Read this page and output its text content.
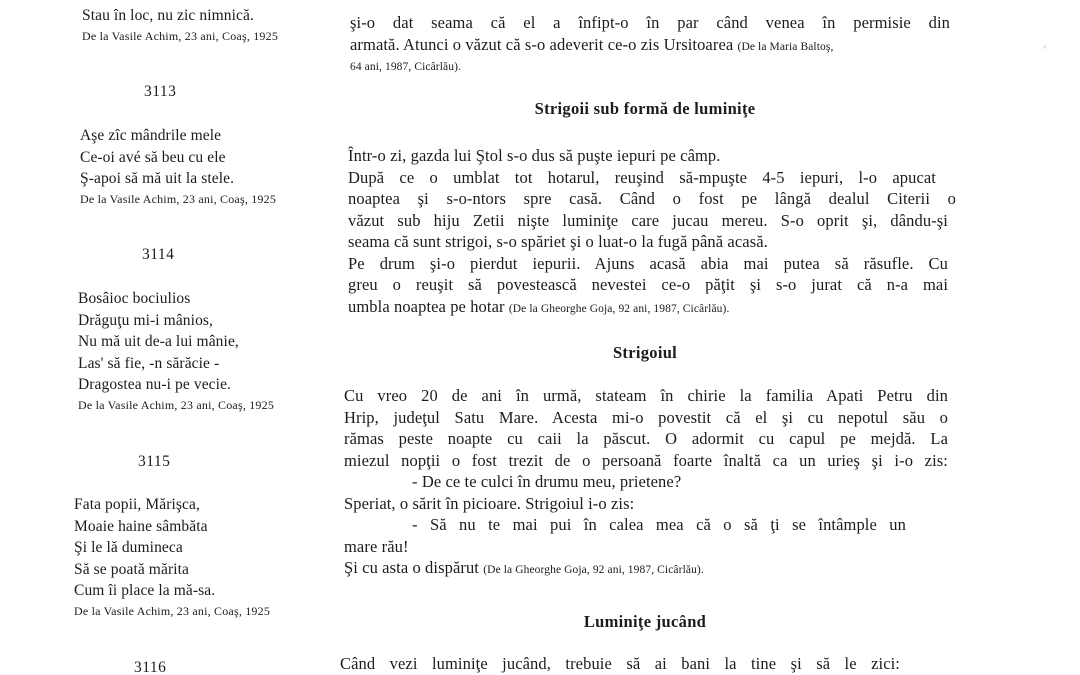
Stau în loc, nu zic nimnică.
De la Vasile Achim, 23 ani, Coaş, 1925
3113
Aşe zîc mândrile mele
Ce-oi avé să beu cu ele
Ş-apoi să mă uit la stele.
De la Vasile Achim, 23 ani, Coaş, 1925
3114
Bosâioc bociulios
Drăguţu mi-i mânios,
Nu mă uit de-a lui mânie,
Las' să fie, -n sărăcie -
Dragostea nu-i pe vecie.
De la Vasile Achim, 23 ani, Coaş, 1925
3115
Fata popii, Mărişca,
Moaie haine sâmbăta
Şi le lă dumineca
Să se poată mărita
Cum îi place la mă-sa.
De la Vasile Achim, 23 ani, Coaş, 1925
3116
şi-o dat seama că el a înfipt-o în par când venea în permisie din
armată. Atunci o văzut că s-o adeverit ce-o zis Ursitoarea (De la Maria Baltoş,
64 ani, 1987, Cicârlău).
Strigoii sub formă de luminiţe
Într-o zi, gazda lui Ştol s-o dus să puşte iepuri pe câmp.
După ce o umblat tot hotarul, reuşind să-mpuşte 4-5 iepuri, l-o apucat
noaptea şi s-o-ntors spre casă. Când o fost pe lângă dealul Citerii o
văzut sub hiju Zetii nişte luminiţe care jucau mereu. S-o oprit şi, dându-şi
seama că sunt strigoi, s-o spăriet şi o luat-o la fugă până acasă.
Pe drum şi-o pierdut iepurii. Ajuns acasă abia mai putea să răsufle. Cu
greu o reuşit să povestească nevestei ce-o păţit şi s-o jurat că n-a mai
umbla noaptea pe hotar (De la Gheorghe Goja, 92 ani, 1987, Cicârlău).
Strigoiul
Cu vreo 20 de ani în urmă, stateam în chirie la familia Apati Petru din
Hrip, judeţul Satu Mare. Acesta mi-o povestit că el şi cu nepotul său o
rămas peste noapte cu caii la păscut. O adormit cu capul pe mejdă. La
miezul nopţii o fost trezit de o persoană foarte înaltă ca un urieş şi i-o zis:
- De ce te culci în drumu meu, prietene?
Speriat, o sărit în picioare. Strigoiul i-o zis:
- Să nu te mai pui în calea mea că o să ţi se întâmple un
mare rău!
Şi cu asta o dispărut (De la Gheorghe Goja, 92 ani, 1987, Cicârlău).
Luminiţe jucând
Când vezi luminiţe jucând, trebuie să ai bani la tine şi să le zici:
×
